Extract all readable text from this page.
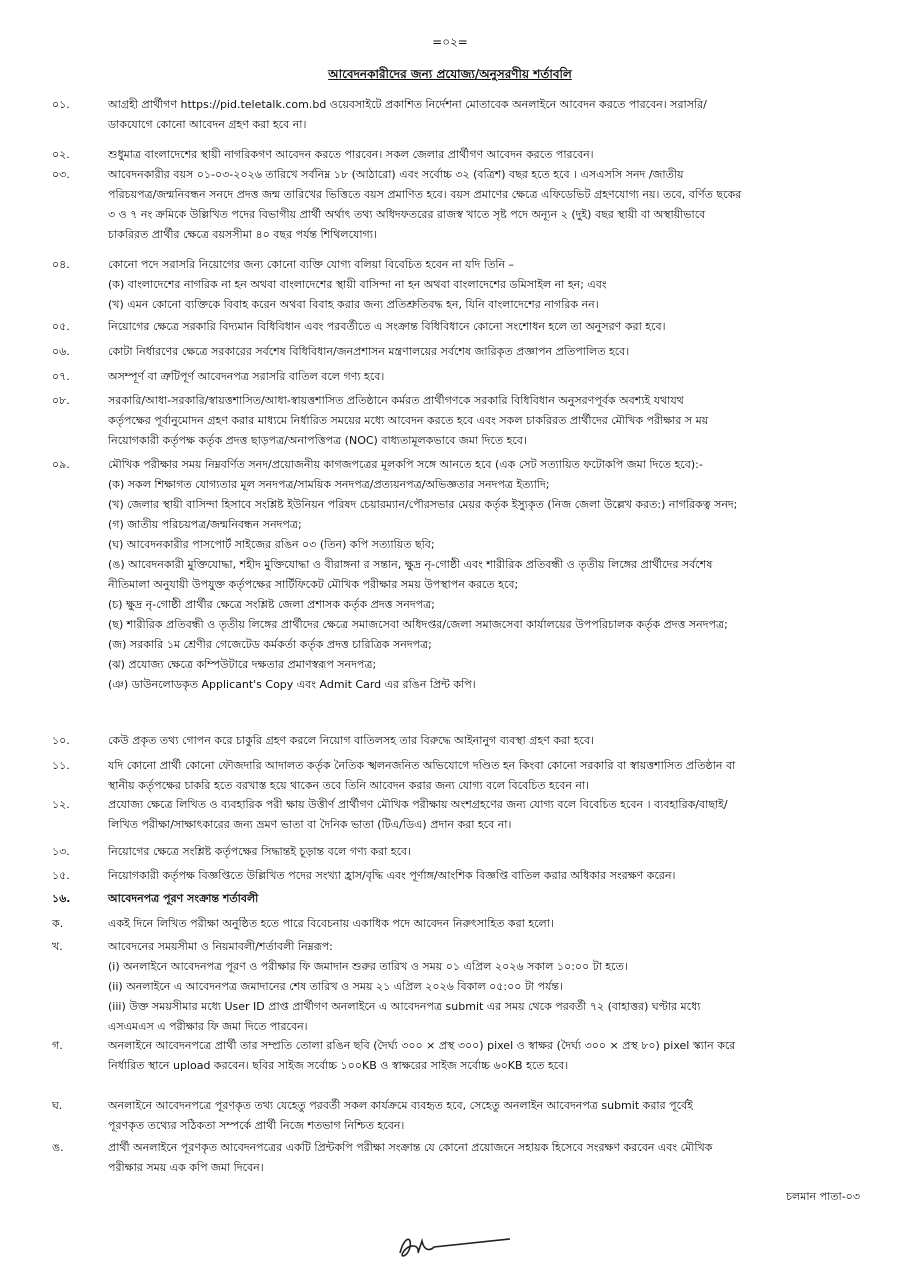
=০২=
আবেদনকারীদের জন্য প্রযোজ্য/অনুসরণীয় শর্তাবলি
০১.	আগ্রহী প্রার্থীগণ https://pid.teletalk.com.bd ওয়েবসাইটে প্রকাশিত নির্দেশনা মোতাবেক অনলাইনে আবেদন করতে পারবেন। সরাসরি/
ডাকযোগে কোনো আবেদন গ্রহণ করা হবে না।
০২.	শুধুমাত্র বাংলাদেশের স্থায়ী নাগরিকগণ আবেদন করতে পারবেন। সকল জেলার প্রার্থীগণ আবেদন করতে পারবেন।
০৩.	আবেদনকারীর বয়স ০১-০৩-২০২৬ তারিখে সর্বনিম্ন ১৮ (আঠারো) এবং সর্বোচ্চ ৩২ (বত্রিশ) বছর হতে হবে । এসএসসি সনদ /জাতীয়
পরিচয়পত্র/জন্মনিবন্ধন সনদে প্রদত্ত জন্ম তারিখের ভিত্তিতে বয়স প্রমাণিত হবে। বয়স প্রমাণের ক্ষেত্রে এফিডেভিট গ্রহণযোগ্য নয়। তবে, বর্ণিত ছকের
৩ ও ৭ নং ক্রমিকে উল্লিখিত পদের বিভাগীয় প্রার্থী অর্থাৎ তথ্য অধিদফতরের রাজস্ব খাতে সৃষ্ট পদে অন্যূন ২ (দুই) বছর স্থায়ী বা অস্থায়ীভাবে
চাকরিরত প্রার্থীর ক্ষেত্রে বয়সসীমা ৪০ বছর পর্যন্ত শিথিলযোগ্য।
০৪.	কোনো পদে সরাসরি নিয়োগের জন্য কোনো ব্যক্তি যোগ্য বলিয়া বিবেচিত হবেন না যদি তিনি –
(ক) বাংলাদেশের নাগরিক না হন অথবা বাংলাদেশের স্থায়ী বাসিন্দা না হন অথবা বাংলাদেশের ডমিসাইল না হন; এবং
(খ) এমন কোনো ব্যক্তিকে বিবাহ করেন অথবা বিবাহ করার জন্য প্রতিশ্রুতিবদ্ধ হন, যিনি বাংলাদেশের নাগরিক নন।
০৫.	নিয়োগের ক্ষেত্রে সরকারি বিদ্যমান বিধিবিধান এবং পরবর্তীতে এ সংক্রান্ত বিধিবিধানে কোনো সংশোধন হলে তা অনুসরণ করা হবে।
০৬.	কোটা নির্ধারণের ক্ষেত্রে সরকারের সর্বশেষ বিধিবিধান/জনপ্রশাসন মন্ত্রণালয়ের সর্বশেষ জারিকৃত প্রজ্ঞাপন প্রতিপালিত হবে।
০৭.	অসম্পূর্ণ বা ত্রুটিপূর্ণ আবেদনপত্র সরাসরি বাতিল বলে গণ্য হবে।
০৮.	সরকারি/আধা-সরকারি/স্বায়ত্তশাসিত/আধা-স্বায়ত্তশাসিত প্রতিষ্ঠানে কর্মরত প্রার্থীগণকে সরকারি বিধিবিধান অনুসরণপূর্বক অবশ্যই যথাযথ
কর্তৃপক্ষের পূর্বানুমোদন গ্রহণ করার মাধ্যমে নির্ধারিত সময়ের মধ্যে আবেদন করতে হবে এবং সকল চাকরিরত প্রার্থীদের মৌখিক পরীক্ষার স ময়
নিয়োগকারী কর্তৃপক্ষ কর্তৃক প্রদত্ত ছাড়পত্র/অনাপত্তিপত্র (NOC) বাধ্যতামূলকভাবে জমা দিতে হবে।
০৯.	মৌখিক পরীক্ষার সময় নিম্নবর্ণিত সনদ/প্রয়োজনীয় কাগজপত্রের মূলকপি সঙ্গে আনতে হবে (এক সেট সত্যায়িত ফটোকপি জমা দিতে হবে):-
(ক) সকল শিক্ষাগত যোগ্যতার মূল সনদপত্র/সাময়িক সনদপত্র/প্রত্যয়নপত্র/অভিজ্ঞতার সনদপত্র ইত্যাদি;
(খ) জেলার স্থায়ী বাসিন্দা হিসাবে সংশ্লিষ্ট ইউনিয়ন পরিষদ চেয়ারম্যান/পৌরসভার মেয়র কর্তৃক ইস্যুকৃত (নিজ জেলা উল্লেখ করত:) নাগরিকত্ব সনদ;
(গ) জাতীয় পরিচয়পত্র/জন্মনিবন্ধন সনদপত্র;
(ঘ) আবেদনকারীর পাসপোর্ট সাইজের রঙিন ০৩ (তিন) কপি সত্যায়িত ছবি;
(ঙ) আবেদনকারী মুক্তিযোদ্ধা, শহীদ মুক্তিযোদ্ধা ও বীরাঙ্গনা র সন্তান, ক্ষুদ্র নৃ-গোষ্ঠী এবং শারীরিক প্রতিবন্ধী ও তৃতীয় লিঙ্গের প্রার্থীদের সর্বশেষ
নীতিমালা অনুযায়ী উপযুক্ত কর্তৃপক্ষের সার্টিফিকেট মৌখিক পরীক্ষার সময় উপস্থাপন করতে হবে;
(চ) ক্ষুদ্র নৃ-গোষ্ঠী প্রার্থীর ক্ষেত্রে সংশ্লিষ্ট জেলা প্রশাসক কর্তৃক প্রদত্ত সনদপত্র;
(ছ) শারীরিক প্রতিবন্ধী ও তৃতীয় লিঙ্গের প্রার্থীদের ক্ষেত্রে সমাজসেবা অধিদপ্তর/জেলা সমাজসেবা কার্যালয়ের উপপরিচালক কর্তৃক প্রদত্ত সনদপত্র;
(জ) সরকারি ১ম শ্রেণীর গেজেটেড কর্মকর্তা কর্তৃক প্রদত্ত চারিত্রিক সনদপত্র;
(ঝ) প্রযোজ্য ক্ষেত্রে কম্পিউটারে দক্ষতার প্রমাণস্বরূপ সনদপত্র;
(ঞ) ডাউনলোডকৃত Applicant's Copy এবং Admit Card এর রঙিন প্রিন্ট কপি।
১০.	কেউ প্রকৃত তথ্য গোপন করে চাকুরি গ্রহণ করলে নিয়োগ বাতিলসহ তার বিরুদ্ধে আইনানুগ ব্যবস্থা গ্রহণ করা হবে।
১১.	যদি কোনো প্রার্থী কোনো ফৌজদারি আদালত কর্তৃক নৈতিক স্খলনজনিত অভিযোগে দণ্ডিত হন কিংবা কোনো সরকারি বা স্বায়ত্তশাসিত প্রতিষ্ঠান বা
স্থানীয় কর্তৃপক্ষের চাকরি হতে বরখাস্ত হয়ে থাকেন তবে তিনি আবেদন করার জন্য যোগ্য বলে বিবেচিত হবেন না।
১২.	প্রযোজ্য ক্ষেত্রে লিখিত ও ব্যবহারিক পরী ক্ষায় উত্তীর্ণ প্রার্থীগণ মৌখিক পরীক্ষায় অংশগ্রহণের জন্য যোগ্য বলে বিবেচিত হবেন । ব্যবহারিক/বাছাই/
লিখিত পরীক্ষা/সাক্ষাৎকারের জন্য ভ্রমণ ভাতা বা দৈনিক ভাতা (টিএ/ডিএ) প্রদান করা হবে না।
১৩.	নিয়োগের ক্ষেত্রে সংশ্লিষ্ট কর্তৃপক্ষের সিদ্ধান্তই চূড়ান্ত বলে গণ্য করা হবে।
১৫.	নিয়োগকারী কর্তৃপক্ষ বিজ্ঞপ্তিতে উল্লিখিত পদের সংখ্যা হ্রাস/বৃদ্ধি এবং পূর্ণাঙ্গ/আংশিক বিজ্ঞপ্তি বাতিল করার অধিকার সংরক্ষণ করেন।
১৬.	আবেদনপত্র পূরণ সংক্রান্ত শর্তাবলী
ক.	একই দিনে লিখিত পরীক্ষা অনুষ্ঠিত হতে পারে বিবেচনায় একাধিক পদে আবেদন নিরুৎসাহিত করা হলো।
খ.	আবেদনের সময়সীমা ও নিয়মাবলী/শর্তাবলী নিম্নরূপ:
(i) অনলাইনে আবেদনপত্র পূরণ ও পরীক্ষার ফি জমাদান শুরুর তারিখ ও সময় ০১ এপ্রিল ২০২৬ সকাল ১০:০০ টা হতে।
(ii) অনলাইনে এ আবেদনপত্র জমাদানের শেষ তারিখ ও সময় ২১ এপ্রিল ২০২৬ বিকাল ০৫:০০ টা পর্যন্ত।
(iii) উক্ত সময়সীমার মধ্যে User ID প্রাপ্ত প্রার্থীগণ অনলাইনে এ আবেদনপত্র submit এর সময় থেকে পরবর্তী ৭২ (বাহাত্তর) ঘণ্টার মধ্যে
এসএমএস এ পরীক্ষার ফি জমা দিতে পারবেন।
গ.	অনলাইনে আবেদনপত্রে প্রার্থী তার সম্প্রতি তোলা রঙিন ছবি (দৈর্ঘ্য ৩০০ × প্রস্থ ৩০০) pixel ও স্বাক্ষর (দৈর্ঘ্য ৩০০ × প্রস্থ ৮০) pixel স্ক্যান করে
নির্ধারিত স্থানে upload করবেন। ছবির সাইজ সর্বোচ্চ ১০০KB ও স্বাক্ষরের সাইজ সর্বোচ্চ ৬০KB হতে হবে।
ঘ.	অনলাইনে আবেদনপত্রে পূরণকৃত তথ্য যেহেতু পরবর্তী সকল কার্যক্রমে ব্যবহৃত হবে, সেহেতু অনলাইন আবেদনপত্র submit করার পূর্বেই
পূরণকৃত তথ্যের সঠিকতা সম্পর্কে প্রার্থী নিজে শতভাগ নিশ্চিত হবেন।
ঙ.	প্রার্থী অনলাইনে পূরণকৃত আবেদনপত্রের একটি প্রিন্টকপি পরীক্ষা সংক্রান্ত যে কোনো প্রয়োজনে সহায়ক হিসেবে সংরক্ষণ করবেন এবং মৌখিক
পরীক্ষার সময় এক কপি জমা দিবেন।
চলমান পাতা-০৩
